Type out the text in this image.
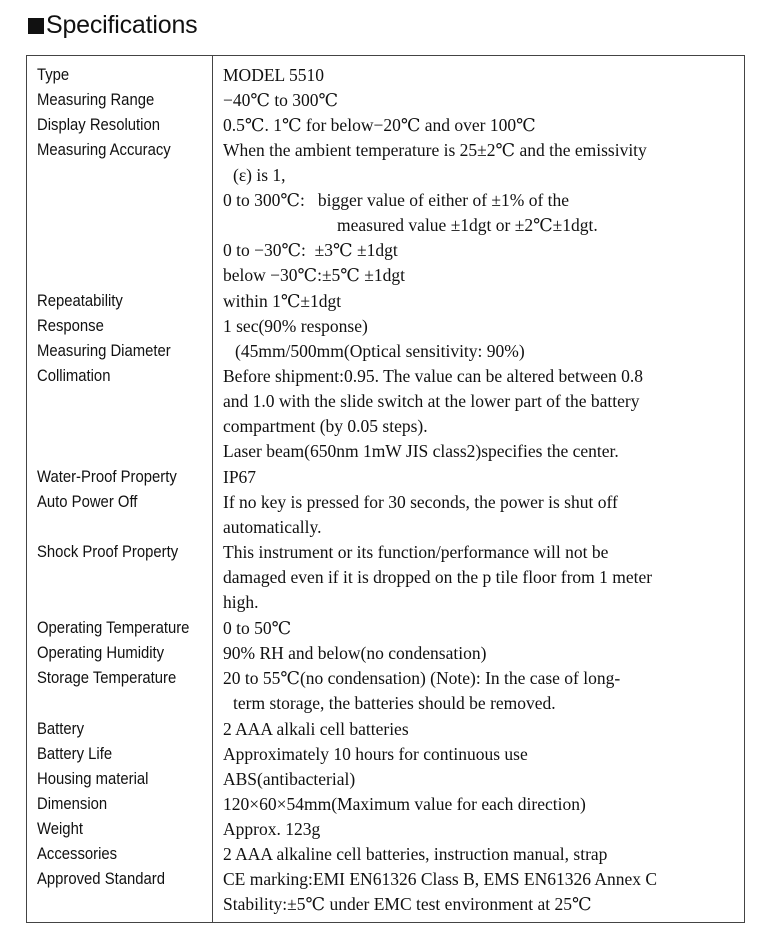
Specifications
Type	MODEL 5510
Measuring Range	−40℃ to 300℃
Display Resolution	0.5℃. 1℃ for below−20℃ and over 100℃
Measuring Accuracy	When the ambient temperature is 25±2℃ and the emissivity
(ε) is 1,
0 to 300℃:   bigger value of either of ±1% of the
measured value ±1dgt or ±2℃±1dgt.
0 to −30℃:  ±3℃ ±1dgt
below −30℃:±5℃ ±1dgt
Repeatability	within 1℃±1dgt
Response	1 sec(90% response)
Measuring Diameter	(45mm/500mm(Optical sensitivity: 90%)
Collimation	Before shipment:0.95. The value can be altered between 0.8
and 1.0 with the slide switch at the lower part of the battery
compartment (by 0.05 steps).
Laser beam(650nm 1mW JIS class2)specifies the center.
Water-Proof Property	IP67
Auto Power Off	If no key is pressed for 30 seconds, the power is shut off
automatically.
Shock Proof Property	This instrument or its function/performance will not be
damaged even if it is dropped on the p tile floor from 1 meter
high.
Operating Temperature 0 to 50℃
Operating Humidity	90% RH and below(no condensation)
Storage Temperature	20 to 55℃(no condensation) (Note): In the case of long-
term storage, the batteries should be removed.
Battery	2 AAA alkali cell batteries
Battery Life	Approximately 10 hours for continuous use
Housing material	ABS(antibacterial)
Dimension	120×60×54mm(Maximum value for each direction)
Weight	Approx. 123g
Accessories	2 AAA alkaline cell batteries, instruction manual, strap
Approved Standard	CE marking:EMI EN61326 Class B, EMS EN61326 Annex C
Stability:±5℃ under EMC test environment at 25℃
